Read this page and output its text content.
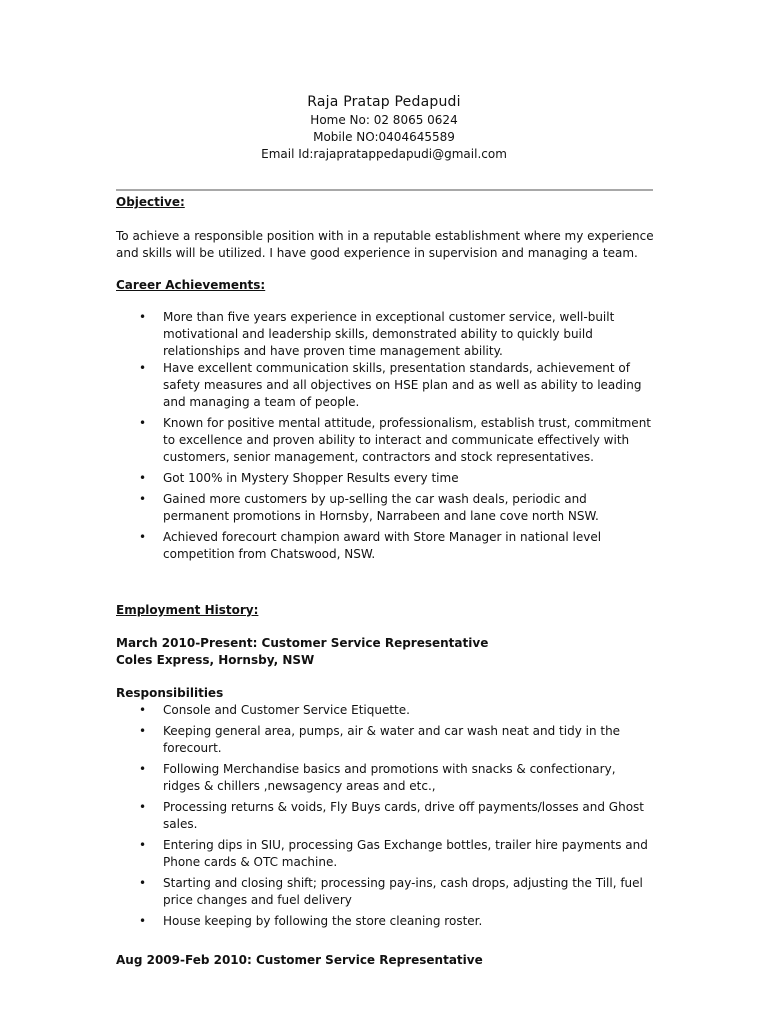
Raja Pratap Pedapudi
Home No: 02 8065 0624
Mobile NO:0404645589
Email Id:rajapratappedapudi@gmail.com
Objective:

To achieve a responsible position with in a reputable establishment where my experience and skills will be utilized. I have good experience in supervision and managing a team.

Career Achievements:
• More than five years experience in exceptional customer service, well-built motivational and leadership skills, demonstrated ability to quickly build relationships and have proven time management ability.
• Have excellent communication skills, presentation standards, achievement of safety measures and all objectives on HSE plan and as well as ability to leading and managing a team of people.
• Known for positive mental attitude, professionalism, establish trust, commitment to excellence and proven ability to interact and communicate effectively with customers, senior management, contractors and stock representatives.
• Got 100% in Mystery Shopper Results every time
• Gained more customers by up-selling the car wash deals, periodic and permanent promotions in Hornsby, Narrabeen and lane cove north NSW.
• Achieved forecourt champion award with Store Manager in national level competition from Chatswood, NSW.
Employment History:
March 2010-Present: Customer Service Representative
Coles Express, Hornsby, NSW
Responsibilities
• Console and Customer Service Etiquette.
• Keeping general area, pumps, air & water and car wash neat and tidy in the forecourt.
• Following Merchandise basics and promotions with snacks & confectionary, ridges & chillers ,newsagency areas and etc.,
• Processing returns & voids, Fly Buys cards, drive off payments/losses and Ghost sales.
• Entering dips in SIU, processing Gas Exchange bottles, trailer hire payments and Phone cards & OTC machine.
• Starting and closing shift; processing pay-ins, cash drops, adjusting the Till, fuel price changes and fuel delivery
• House keeping by following the store cleaning roster.
Aug 2009-Feb 2010: Customer Service Representative
